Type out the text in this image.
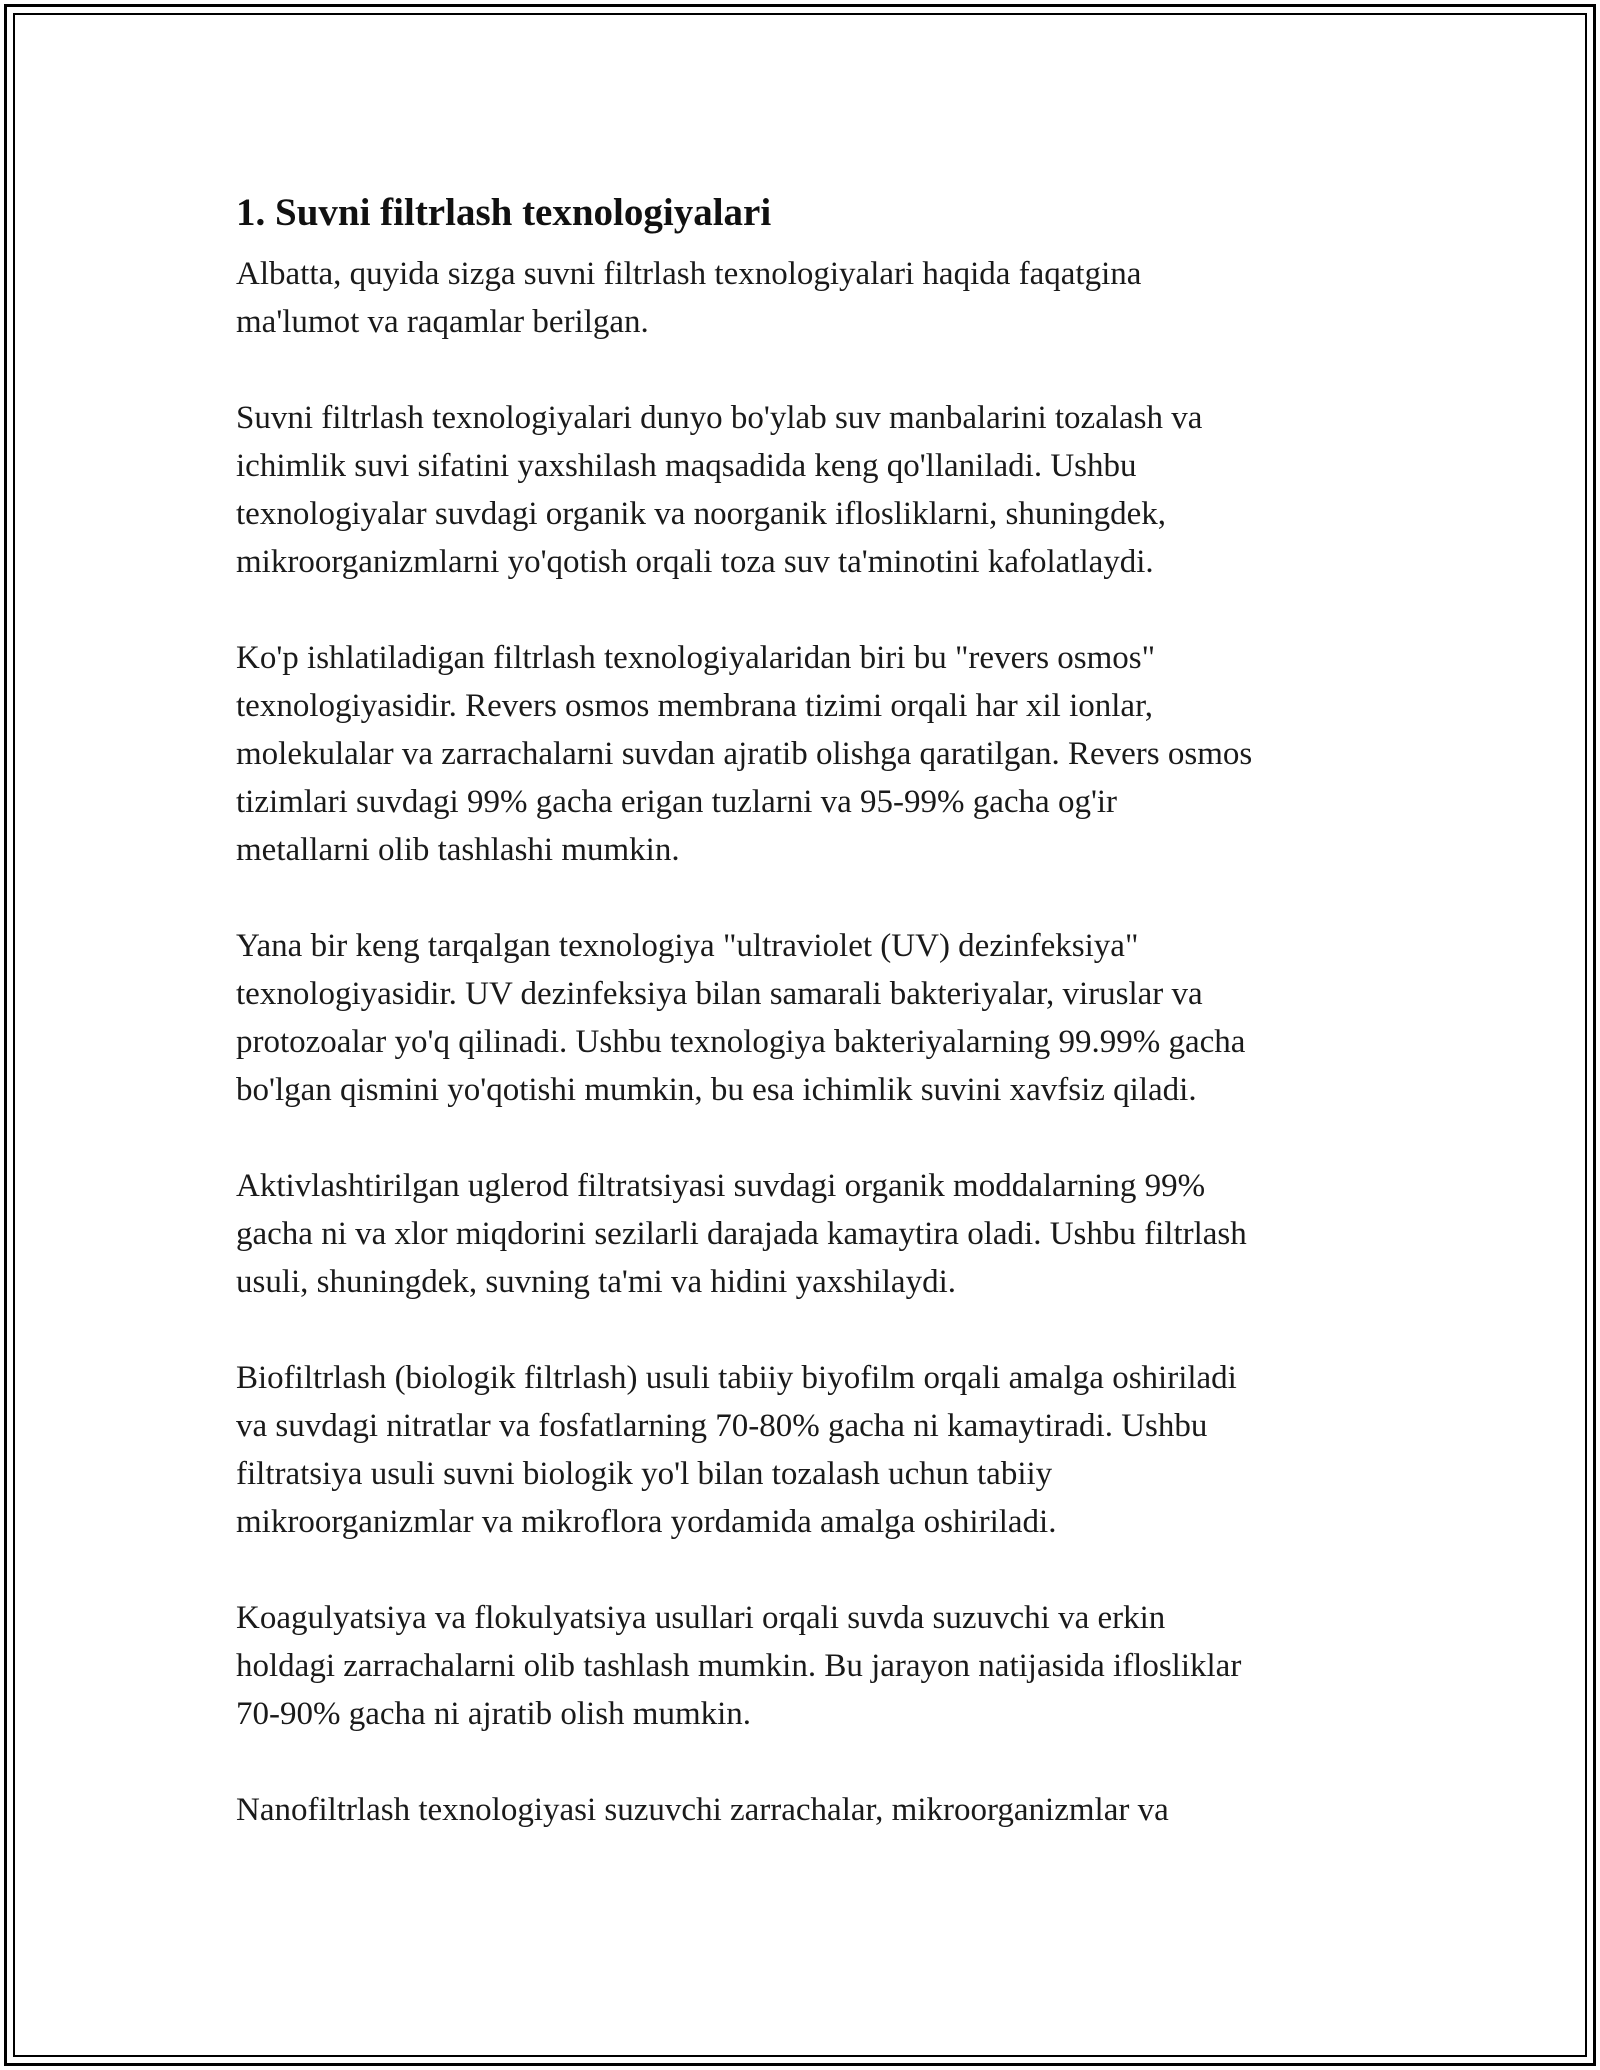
1. Suvni filtrlash texnologiyalari

Albatta, quyida sizga suvni filtrlash texnologiyalari haqida faqatgina
ma'lumot va raqamlar berilgan.

Suvni filtrlash texnologiyalari dunyo bo'ylab suv manbalarini tozalash va
ichimlik suvi sifatini yaxshilash maqsadida keng qo'llaniladi. Ushbu
texnologiyalar suvdagi organik va noorganik iflosliklarni, shuningdek,
mikroorganizmlarni yo'qotish orqali toza suv ta'minotini kafolatlaydi.

Ko'p ishlatiladigan filtrlash texnologiyalaridan biri bu "revers osmos"
texnologiyasidir. Revers osmos membrana tizimi orqali har xil ionlar,
molekulalar va zarrachalarni suvdan ajratib olishga qaratilgan. Revers osmos
tizimlari suvdagi 99% gacha erigan tuzlarni va 95-99% gacha og'ir
metallarni olib tashlashi mumkin.

Yana bir keng tarqalgan texnologiya "ultraviolet (UV) dezinfeksiya"
texnologiyasidir. UV dezinfeksiya bilan samarali bakteriyalar, viruslar va
protozoalar yo'q qilinadi. Ushbu texnologiya bakteriyalarning 99.99% gacha
bo'lgan qismini yo'qotishi mumkin, bu esa ichimlik suvini xavfsiz qiladi.

Aktivlashtirilgan uglerod filtratsiyasi suvdagi organik moddalarning 99%
gacha ni va xlor miqdorini sezilarli darajada kamaytira oladi. Ushbu filtrlash
usuli, shuningdek, suvning ta'mi va hidini yaxshilaydi.

Biofiltrlash (biologik filtrlash) usuli tabiiy biyofilm orqali amalga oshiriladi
va suvdagi nitratlar va fosfatlarning 70-80% gacha ni kamaytiradi. Ushbu
filtratsiya usuli suvni biologik yo'l bilan tozalash uchun tabiiy
mikroorganizmlar va mikroflora yordamida amalga oshiriladi.

Koagulyatsiya va flokulyatsiya usullari orqali suvda suzuvchi va erkin
holdagi zarrachalarni olib tashlash mumkin. Bu jarayon natijasida iflosliklar
70-90% gacha ni ajratib olish mumkin.

Nanofiltrlash texnologiyasi suzuvchi zarrachalar, mikroorganizmlar va
